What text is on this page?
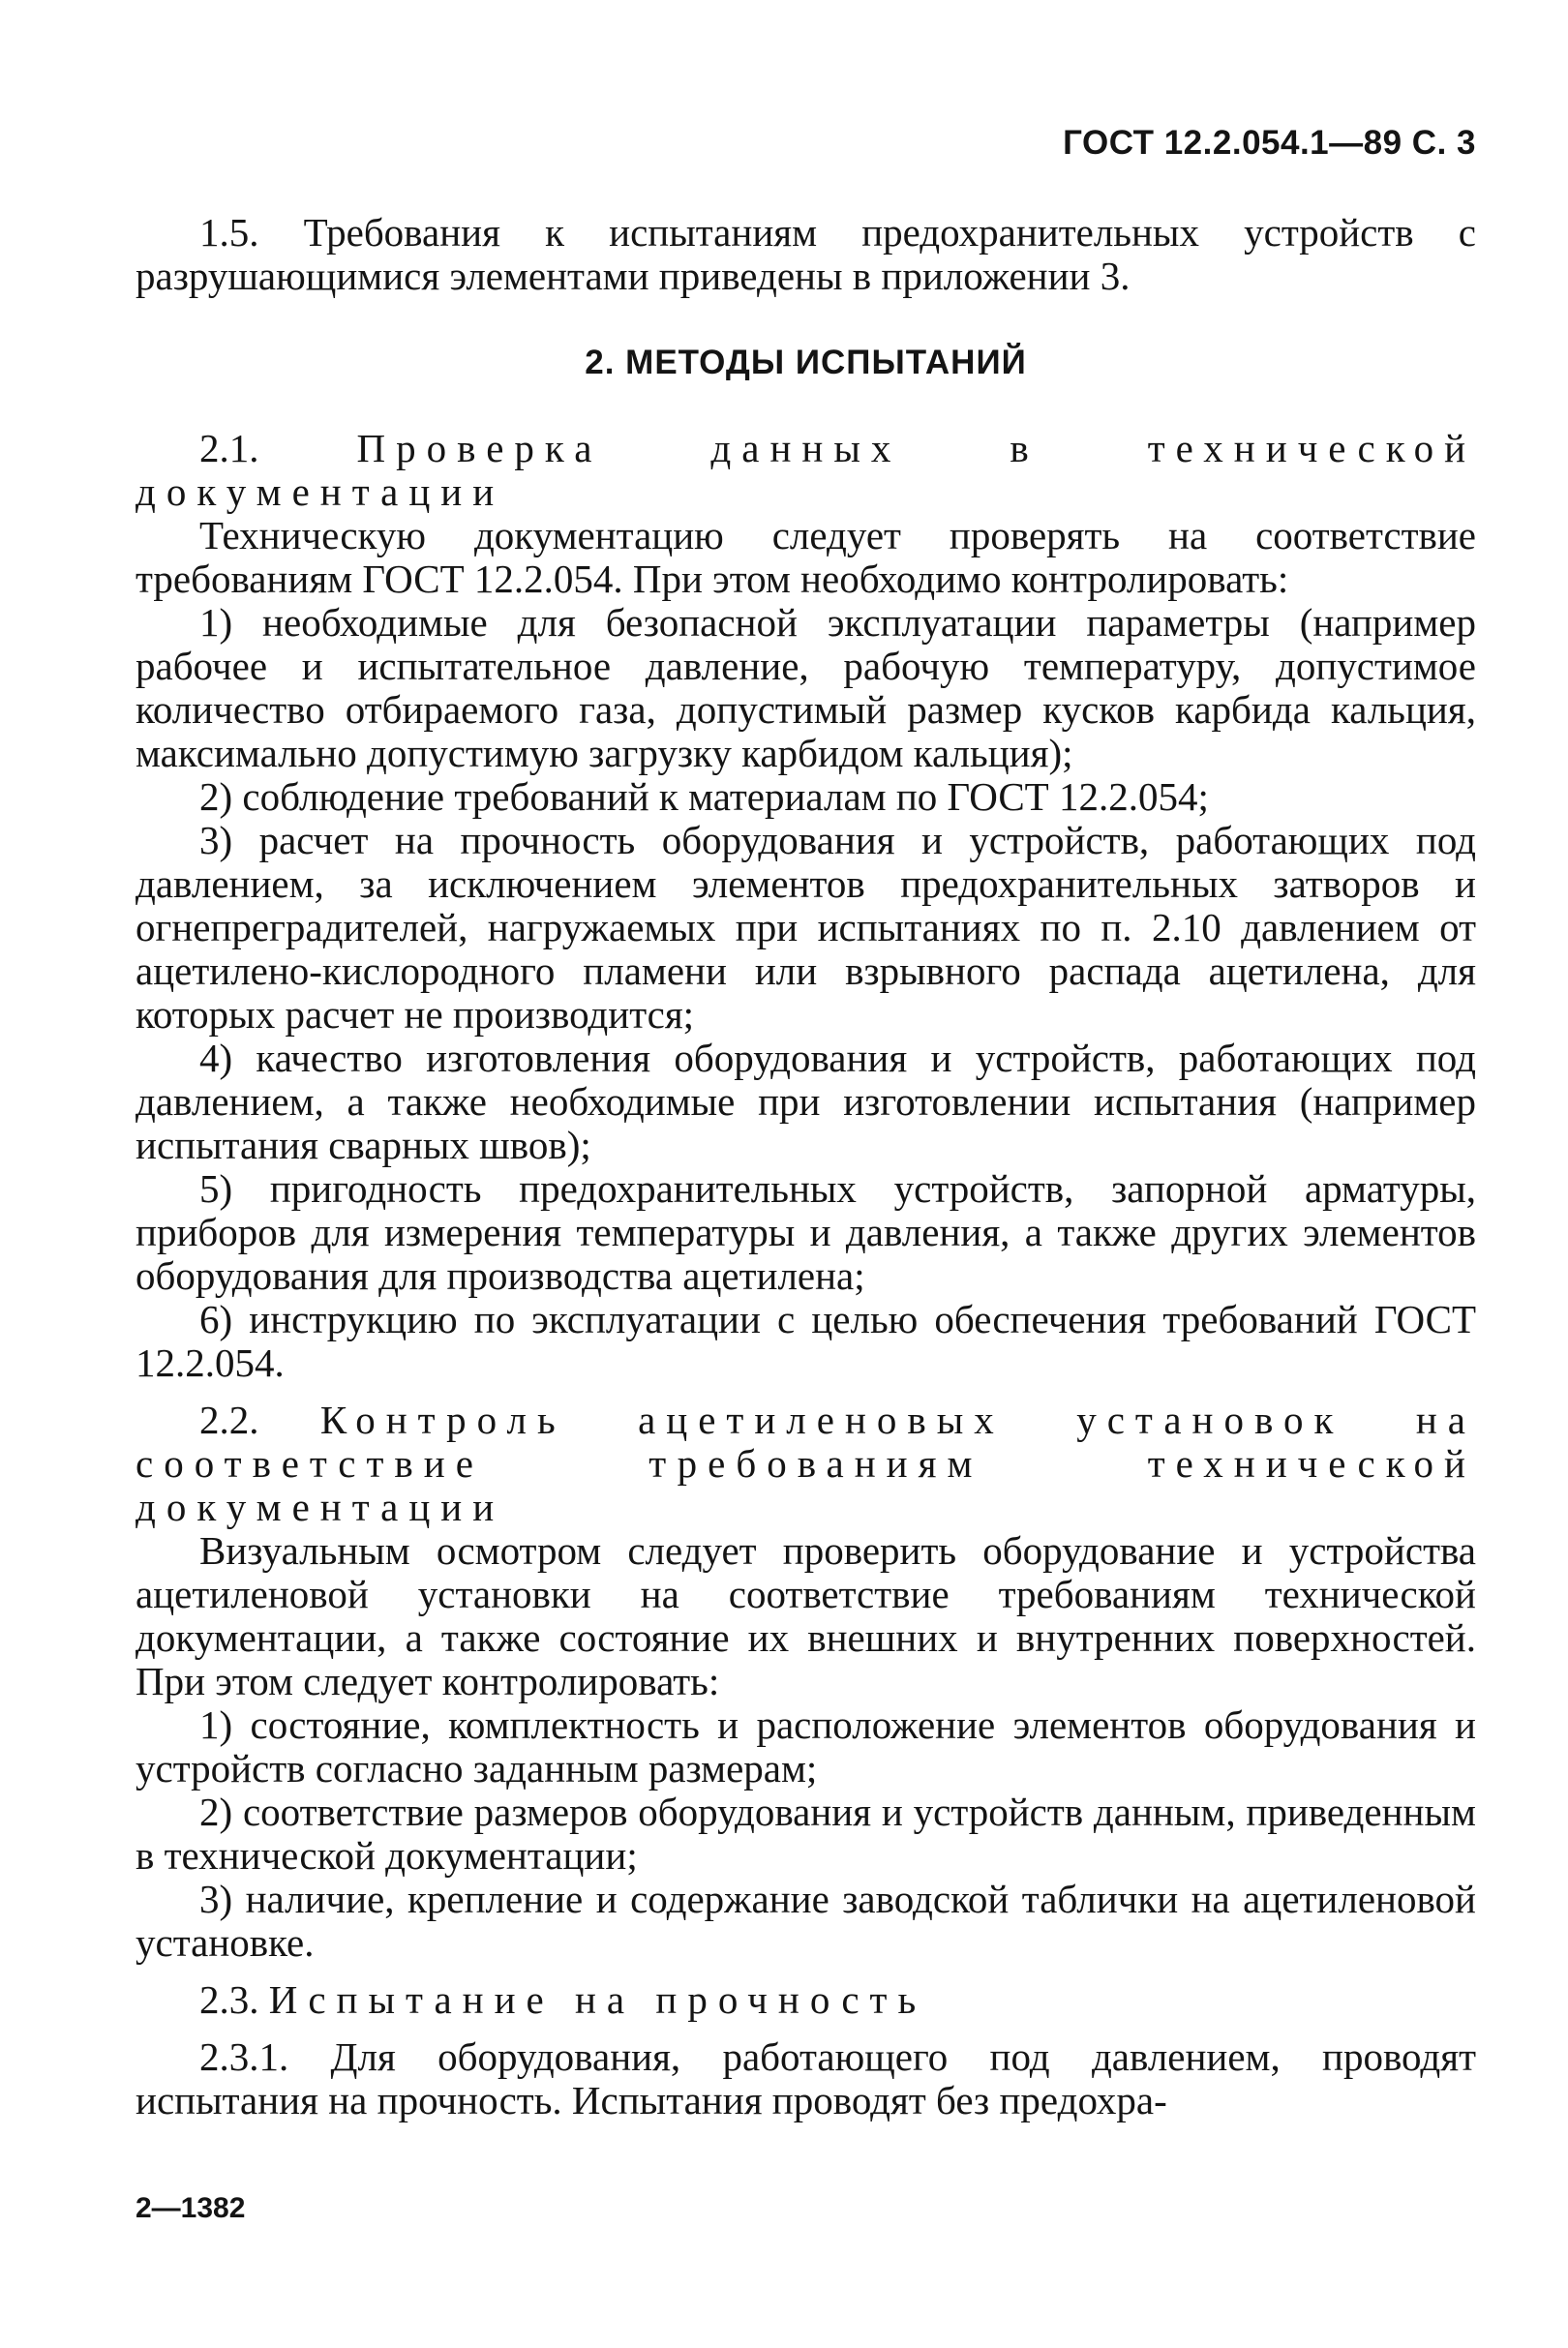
ГОСТ 12.2.054.1—89 С. 3

1.5. Требования к испытаниям предохранительных устройств с разрушающимися элементами приведены в приложении 3.

2. МЕТОДЫ ИСПЫТАНИЙ

2.1. Проверка данных в технической документации

Техническую документацию следует проверять на соответствие требованиям ГОСТ 12.2.054. При этом необходимо контролировать:

1) необходимые для безопасной эксплуатации параметры (например рабочее и испытательное давление, рабочую температуру, допустимое количество отбираемого газа, допустимый размер кусков карбида кальция, максимально допустимую загрузку карбидом кальция);

2) соблюдение требований к материалам по ГОСТ 12.2.054;

3) расчет на прочность оборудования и устройств, работающих под давлением, за исключением элементов предохранительных затворов и огнепреградителей, нагружаемых при испытаниях по п. 2.10 давлением от ацетилено-кислородного пламени или взрывного распада ацетилена, для которых расчет не производится;

4) качество изготовления оборудования и устройств, работающих под давлением, а также необходимые при изготовлении испытания (например испытания сварных швов);

5) пригодность предохранительных устройств, запорной арматуры, приборов для измерения температуры и давления, а также других элементов оборудования для производства ацетилена;

6) инструкцию по эксплуатации с целью обеспечения требований ГОСТ 12.2.054.

2.2. Контроль ацетиленовых установок на соответствие требованиям технической документации

Визуальным осмотром следует проверить оборудование и устройства ацетиленовой установки на соответствие требованиям технической документации, а также состояние их внешних и внутренних поверхностей. При этом следует контролировать:

1) состояние, комплектность и расположение элементов оборудования и устройств согласно заданным размерам;

2) соответствие размеров оборудования и устройств данным, приведенным в технической документации;

3) наличие, крепление и содержание заводской таблички на ацетиленовой установке.

2.3. Испытание на прочность

2.3.1. Для оборудования, работающего под давлением, проводят испытания на прочность. Испытания проводят без предохра-

2—1382
